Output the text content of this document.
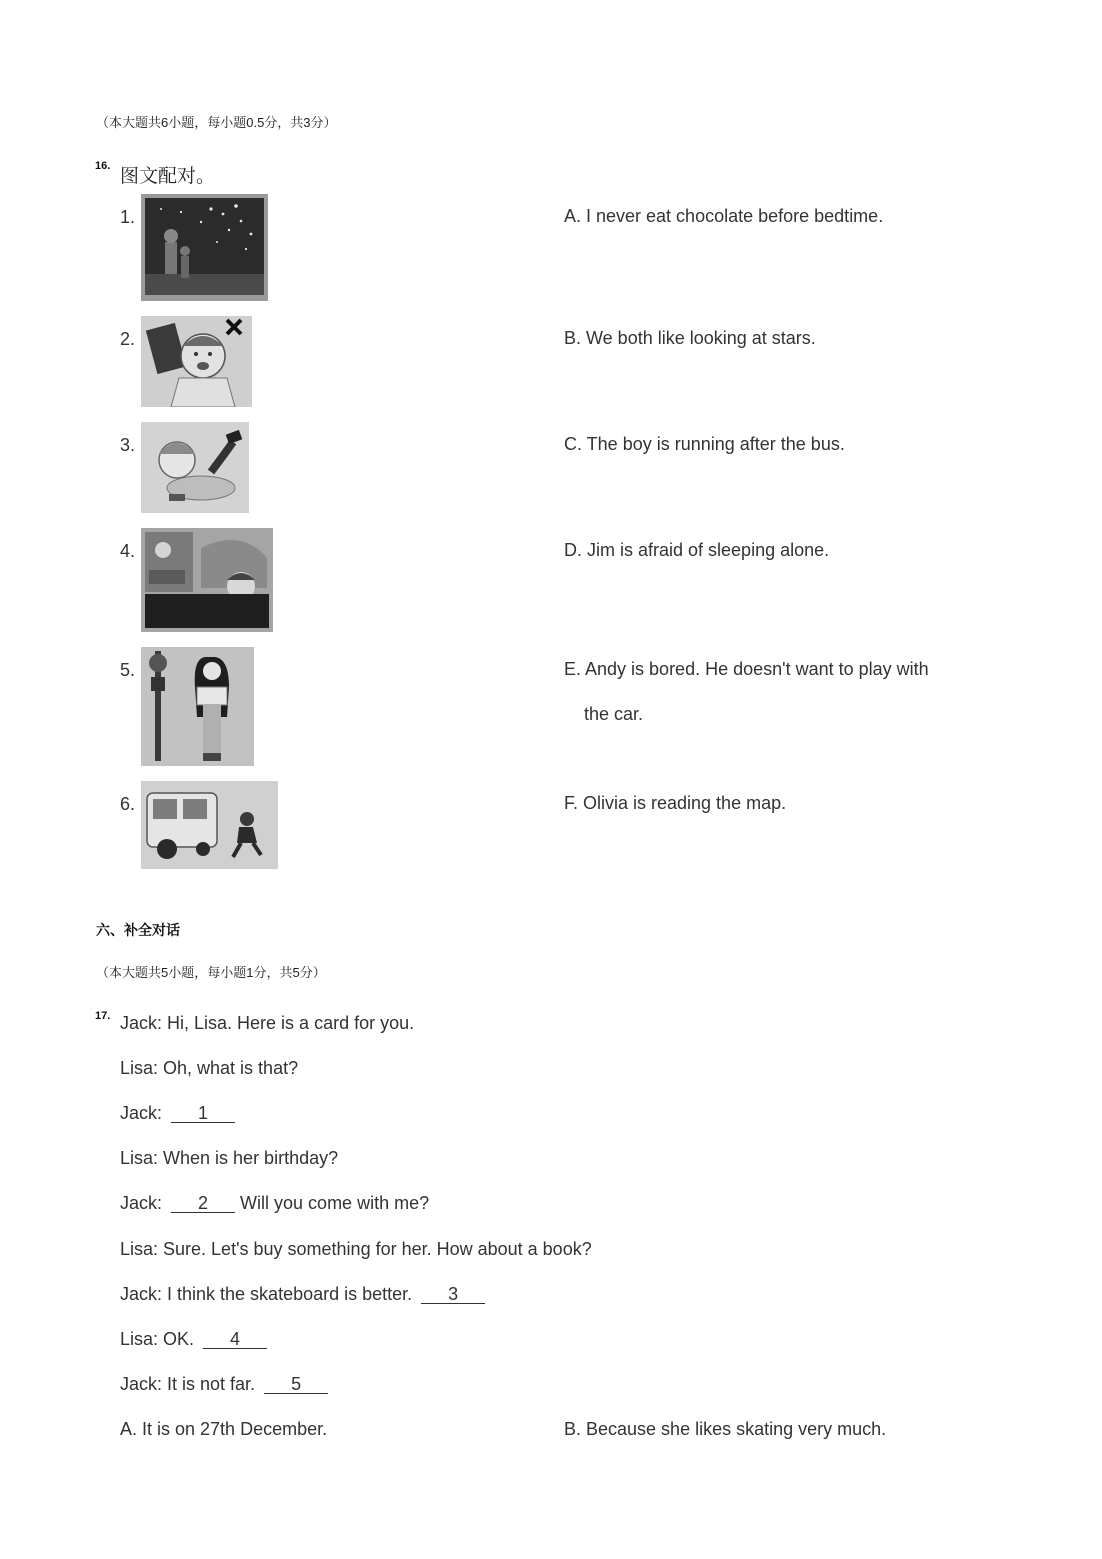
（本大题共6小题，每小题0.5分，共3分）
16. 图文配对。
1.
2.
3.
4.
5.
6.
A. I never eat chocolate before bedtime.
B. We both like looking at stars.
C. The boy is running after the bus.
D. Jim is afraid of sleeping alone.
E. Andy is bored. He doesn't want to play with
the car.
F. Olivia is reading the map.
六、补全对话
（本大题共5小题，每小题1分，共5分）
17. Jack: Hi, Lisa. Here is a card for you.
Lisa: Oh, what is that?
Jack: 1
Lisa: When is her birthday?
Jack: 2 Will you come with me?
Lisa: Sure. Let's buy something for her. How about a book?
Jack: I think the skateboard is better. 3
Lisa: OK. 4
Jack: It is not far. 5
A. It is on 27th December.	B. Because she likes skating very much.
